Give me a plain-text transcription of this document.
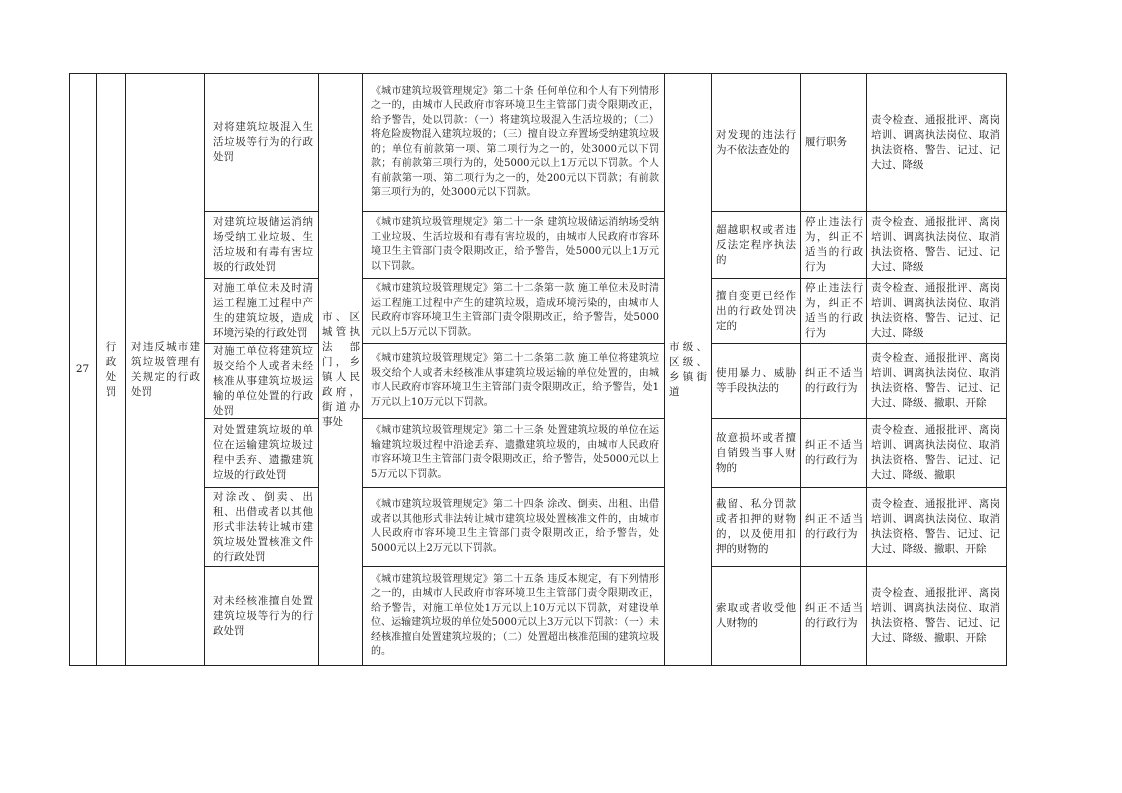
27
行政处罚
对违反城市建筑垃圾管理有关规定的行政处罚
市、区城管执法部门，乡镇人民政府，街道办事处
市级、区级、乡镇街道
对将建筑垃圾混入生活垃圾等行为的行政处罚
《城市建筑垃圾管理规定》第二十条 任何单位和个人有下列情形之一的，由城市人民政府市容环境卫生主管部门责令限期改正，给予警告，处以罚款：（一）将建筑垃圾混入生活垃圾的；（二）将危险废物混入建筑垃圾的；（三）擅自设立弃置场受纳建筑垃圾的；单位有前款第一项、第二项行为之一的，处3000元以下罚款；有前款第三项行为的，处5000元以上1万元以下罚款。个人有前款第一项、第二项行为之一的，处200元以下罚款；有前款第三项行为的，处3000元以下罚款。
对发现的违法行为不依法查处的
履行职务
责令检查、通报批评、离岗培训、调离执法岗位、取消执法资格、警告、记过、记大过、降级
对建筑垃圾储运消纳场受纳工业垃圾、生活垃圾和有毒有害垃圾的行政处罚
《城市建筑垃圾管理规定》第二十一条 建筑垃圾储运消纳场受纳工业垃圾、生活垃圾和有毒有害垃圾的，由城市人民政府市容环境卫生主管部门责令限期改正，给予警告，处5000元以上1万元以下罚款。
超越职权或者违反法定程序执法的
停止违法行为，纠正不适当的行政行为
责令检查、通报批评、离岗培训、调离执法岗位、取消执法资格、警告、记过、记大过、降级
对施工单位未及时清运工程施工过程中产生的建筑垃圾，造成环境污染的行政处罚
《城市建筑垃圾管理规定》第二十二条第一款 施工单位未及时清运工程施工过程中产生的建筑垃圾，造成环境污染的，由城市人民政府市容环境卫生主管部门责令限期改正，给予警告，处5000元以上5万元以下罚款。
擅自变更已经作出的行政处罚决定的
停止违法行为，纠正不适当的行政行为
责令检查、通报批评、离岗培训、调离执法岗位、取消执法资格、警告、记过、记大过、降级
对施工单位将建筑垃圾交给个人或者未经核准从事建筑垃圾运输的单位处置的行政处罚
《城市建筑垃圾管理规定》第二十二条第二款 施工单位将建筑垃圾交给个人或者未经核准从事建筑垃圾运输的单位处置的，由城市人民政府市容环境卫生主管部门责令限期改正，给予警告，处1万元以上10万元以下罚款。
使用暴力、威胁等手段执法的
纠正不适当的行政行为
责令检查、通报批评、离岗培训、调离执法岗位、取消执法资格、警告、记过、记大过、降级、撤职、开除
对处置建筑垃圾的单位在运输建筑垃圾过程中丢弃、遗撒建筑垃圾的行政处罚
《城市建筑垃圾管理规定》第二十三条 处置建筑垃圾的单位在运输建筑垃圾过程中沿途丢弃、遗撒建筑垃圾的，由城市人民政府市容环境卫生主管部门责令限期改正，给予警告，处5000元以上5万元以下罚款。
故意损坏或者擅自销毁当事人财物的
纠正不适当的行政行为
责令检查、通报批评、离岗培训、调离执法岗位、取消执法资格、警告、记过、记大过、降级、撤职
对涂改、倒卖、出租、出借或者以其他形式非法转让城市建筑垃圾处置核准文件的行政处罚
《城市建筑垃圾管理规定》第二十四条 涂改、倒卖、出租、出借或者以其他形式非法转让城市建筑垃圾处置核准文件的，由城市人民政府市容环境卫生主管部门责令限期改正，给予警告，处5000元以上2万元以下罚款。
截留、私分罚款或者扣押的财物的，以及使用扣押的财物的
纠正不适当的行政行为
责令检查、通报批评、离岗培训、调离执法岗位、取消执法资格、警告、记过、记大过、降级、撤职、开除
对未经核准擅自处置建筑垃圾等行为的行政处罚
《城市建筑垃圾管理规定》第二十五条 违反本规定，有下列情形之一的，由城市人民政府市容环境卫生主管部门责令限期改正，给予警告，对施工单位处1万元以上10万元以下罚款，对建设单位、运输建筑垃圾的单位处5000元以上3万元以下罚款：（一）未经核准擅自处置建筑垃圾的；（二）处置超出核准范围的建筑垃圾的。
索取或者收受他人财物的
纠正不适当的行政行为
责令检查、通报批评、离岗培训、调离执法岗位、取消执法资格、警告、记过、记大过、降级、撤职、开除
